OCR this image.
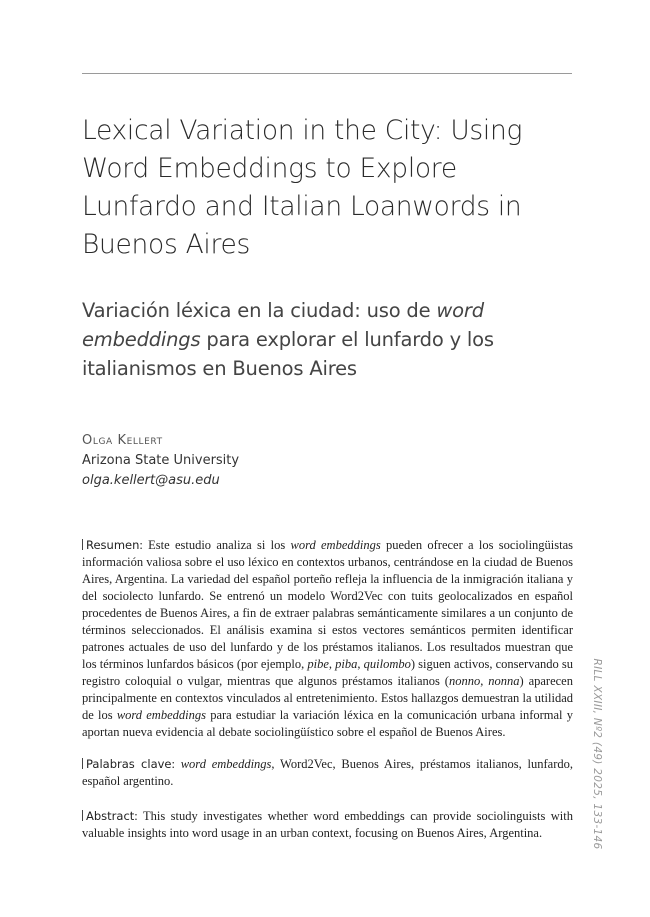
Lexical Variation in the City: Using Word Embeddings to Explore Lunfardo and Italian Loanwords in Buenos Aires
Variación léxica en la ciudad: uso de word embeddings para explorar el lunfardo y los italianismos en Buenos Aires
Olga Kellert
Arizona State University
olga.kellert@asu.edu
Resumen: Este estudio analiza si los word embeddings pueden ofrecer a los sociolingüistas información valiosa sobre el uso léxico en contextos urbanos, centrándose en la ciudad de Buenos Aires, Argentina. La variedad del español porteño refleja la influencia de la inmigración italiana y del sociolecto lunfardo. Se entrenó un modelo Word2Vec con tuits geolocalizados en español procedentes de Buenos Aires, a fin de extraer palabras semánticamente similares a un conjunto de términos seleccionados. El análisis examina si estos vectores semánticos permiten identificar patrones actuales de uso del lunfardo y de los préstamos italianos. Los resultados muestran que los términos lunfardos básicos (por ejemplo, pibe, piba, quilombo) siguen activos, conservando su registro coloquial o vulgar, mientras que algunos préstamos italianos (nonno, nonna) aparecen principalmente en contextos vinculados al entretenimiento. Estos hallazgos demuestran la utilidad de los word embeddings para estudiar la variación léxica en la comunicación urbana informal y aportan nueva evidencia al debate sociolingüístico sobre el español de Buenos Aires.
Palabras clave: word embeddings, Word2Vec, Buenos Aires, préstamos italianos, lunfardo, español argentino.
Abstract: This study investigates whether word embeddings can provide sociolinguists with valuable insights into word usage in an urban context, focusing on Buenos Aires, Argentina.	RILL XXIII, Nº2 (49) 2025, 133-146
